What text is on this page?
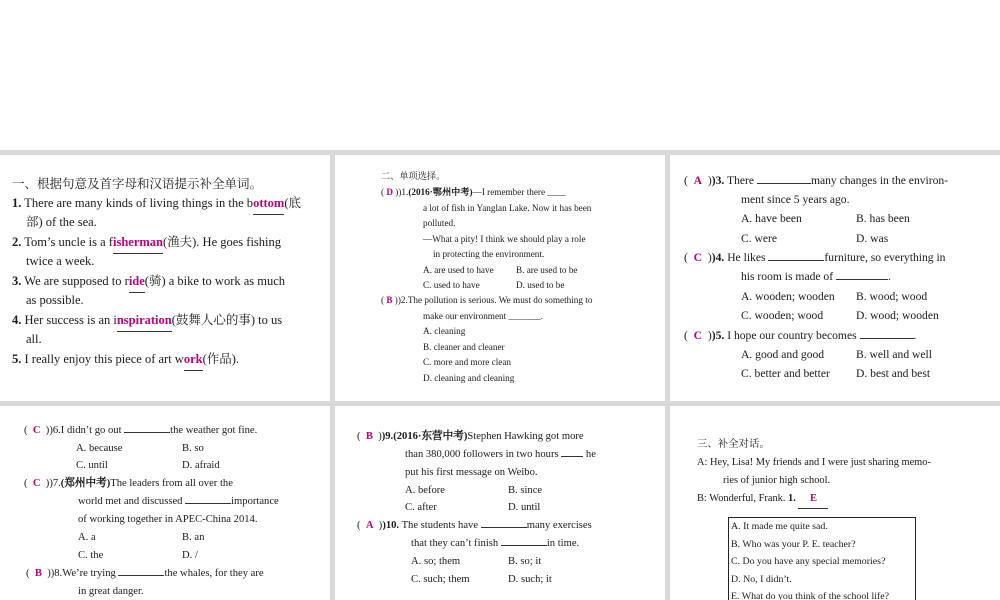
一、根据句意及首字母和汉语提示补全单词。
1. There are many kinds of living things in the bottom(底
部) of the sea.
2. Tom’s uncle is a fisherman(渔夫). He goes fishing
twice a week.
3. We are supposed to ride(骑) a bike to work as much
as possible.
4. Her success is an inspiration(鼓舞人心的事) to us
all.
5. I really enjoy this piece of art work(作品).
二、单项选择。
( D ))1.(2016·鄂州中考)—I remember there ____
a lot of fish in Yanglan Lake. Now it has been
polluted.
—What a pity! I think we should play a role
in protecting the environment.
A. are used to have B. are used to be
C. used to have	D. used to be
( B ))2.The pollution is serious. We must do something to
make our environment _______.
A. cleaning
B. cleaner and cleaner
C. more and more clean
D. cleaning and cleaning
(  A  ))3. There	many changes in the environ-
ment since 5 years ago.
A. have been	B. has been
C. were	D. was
(  C  ))4. He likes	furniture, so everything in
his room is made of	.
A. wooden; wooden B. wood; wood
C. wooden; wood	D. wood; wooden
(  C  ))5. I hope our country becomes	.
A. good and good	B. well and well
C. better and better D. best and best
(  C  ))6.I didn’t go out	the weather got fine.
A. because	B. so
C. until	D. afraid
(  C  ))7.(郑州中考)The leaders from all over the
world met and discussed	importance
of working together in APEC-China 2014.
A. a	B. an
C. the	D. /
(  B  ))8.We’re trying	the whales, for they are
in great danger.
(  B  ))9.(2016·东营中考)Stephen Hawking got more
than 380,000 followers in two hours	he
put his first message on Weibo.
A. before	B. since
C. after	D. until
(  A  ))10. The students have	many exercises
that they can’t finish	in time.
A. so; them	B. so; it
C. such; them	D. such; it
三、补全对话。
A: Hey, Lisa! My friends and I were just sharing memo-
ries of junior high school.
B: Wonderful, Frank. 1. E
A. It made me quite sad.
B. Who was your P. E. teacher?
C. Do you have any special memories?
D. No, I didn’t.
E. What do you think of the school life?
